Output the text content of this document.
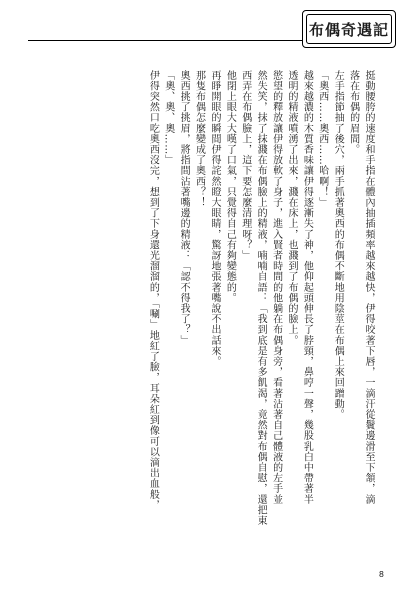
布偶奇遇記
挺動腰胯的速度和手指在體內抽插頻率越來越快，伊得咬著下唇，一滴汗從鬢邊滑至下頷，滴
落在布偶的眉間。
左手指節抽了後穴，兩手抓著奧西的布偶不斷地用陰莖在布偶上來回蹭動。
「奧西……奧西……哈啊！」
越來越濃的木質香味讓伊得逐漸失了神，他仰起頭伸長了脖頸，鼻哼一聲，幾股乳白中帶著半
透明的精液噴湧了出來，濺在床上，也濺到了布偶的臉上。
慾望的釋放讓伊得放軟了身子，進入賢者時間的他躺在布偶身旁，看著沾著自己體液的左手並
然失笑，抹了抹濺在布偶臉上的精液，喃喃自語：「我到底是有多飢渴，竟然對布偶自慰，還把東
西弄在布偶臉上，這下要怎麼清理呀？」
他閉上眼大大嘆了口氣，只覺得自己有夠變態的。
再睜開眼的瞬間伊得詫然瞪大眼睛，驚訝地張著嘴說不出話來。
那隻布偶怎麼變成了奧西？！
奧西挑了挑眉，將指間沾著嘴邊的精液：「認不得我了？」
「奧、奧、奧……」
伊得突然口吃奧西沒完，想到了下身還光溜溜的，「唰」地紅了臉，耳朵紅到像可以滴出血般，
8
